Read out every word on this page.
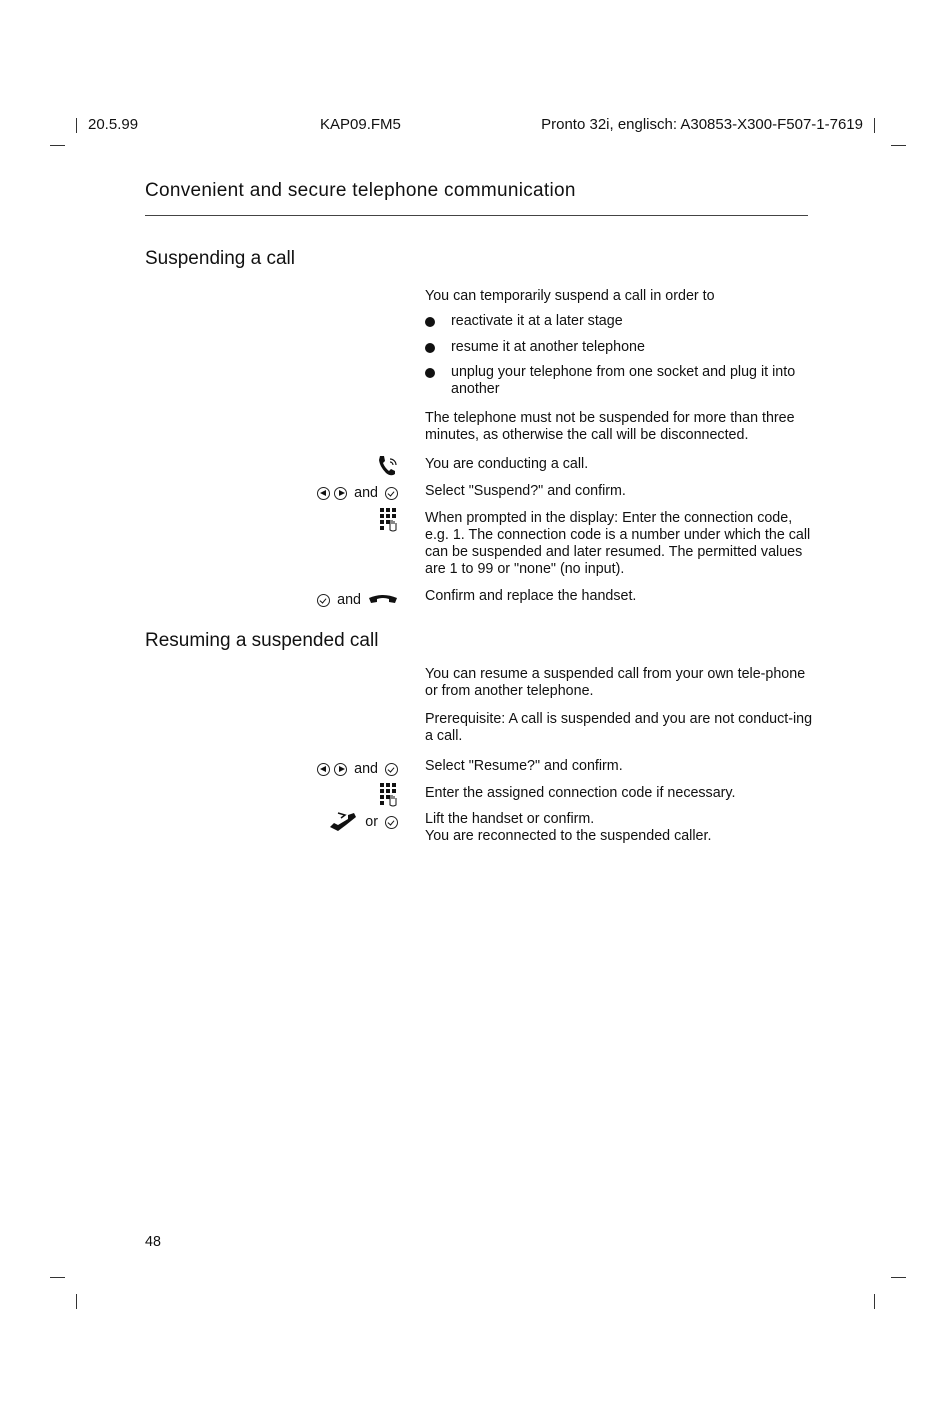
20.5.99	KAP09.FM5	Pronto 32i, englisch: A30853-X300-F507-1-7619
Convenient and secure telephone communication
Suspending a call
You can temporarily suspend a call in order to
reactivate it at a later stage
resume it at another telephone
unplug your telephone from one socket and plug it into another
The telephone must not be suspended for more than three minutes, as otherwise the call will be disconnected.
You are conducting a call.
and	Select "Suspend?" and confirm.
When prompted in the display: Enter the connection code, e.g. 1. The connection code is a number under which the call can be suspended and later resumed. The permitted values are 1 to 99 or "none" (no input).
and	Confirm and replace the handset.
Resuming a suspended call
You can resume a suspended call from your own tele-phone or from another telephone.
Prerequisite: A call is suspended and you are not conduct-ing a call.
and	Select "Resume?" and confirm.
Enter the assigned connection code if necessary.
or	Lift the handset or confirm.
You are reconnected to the suspended caller.
48
